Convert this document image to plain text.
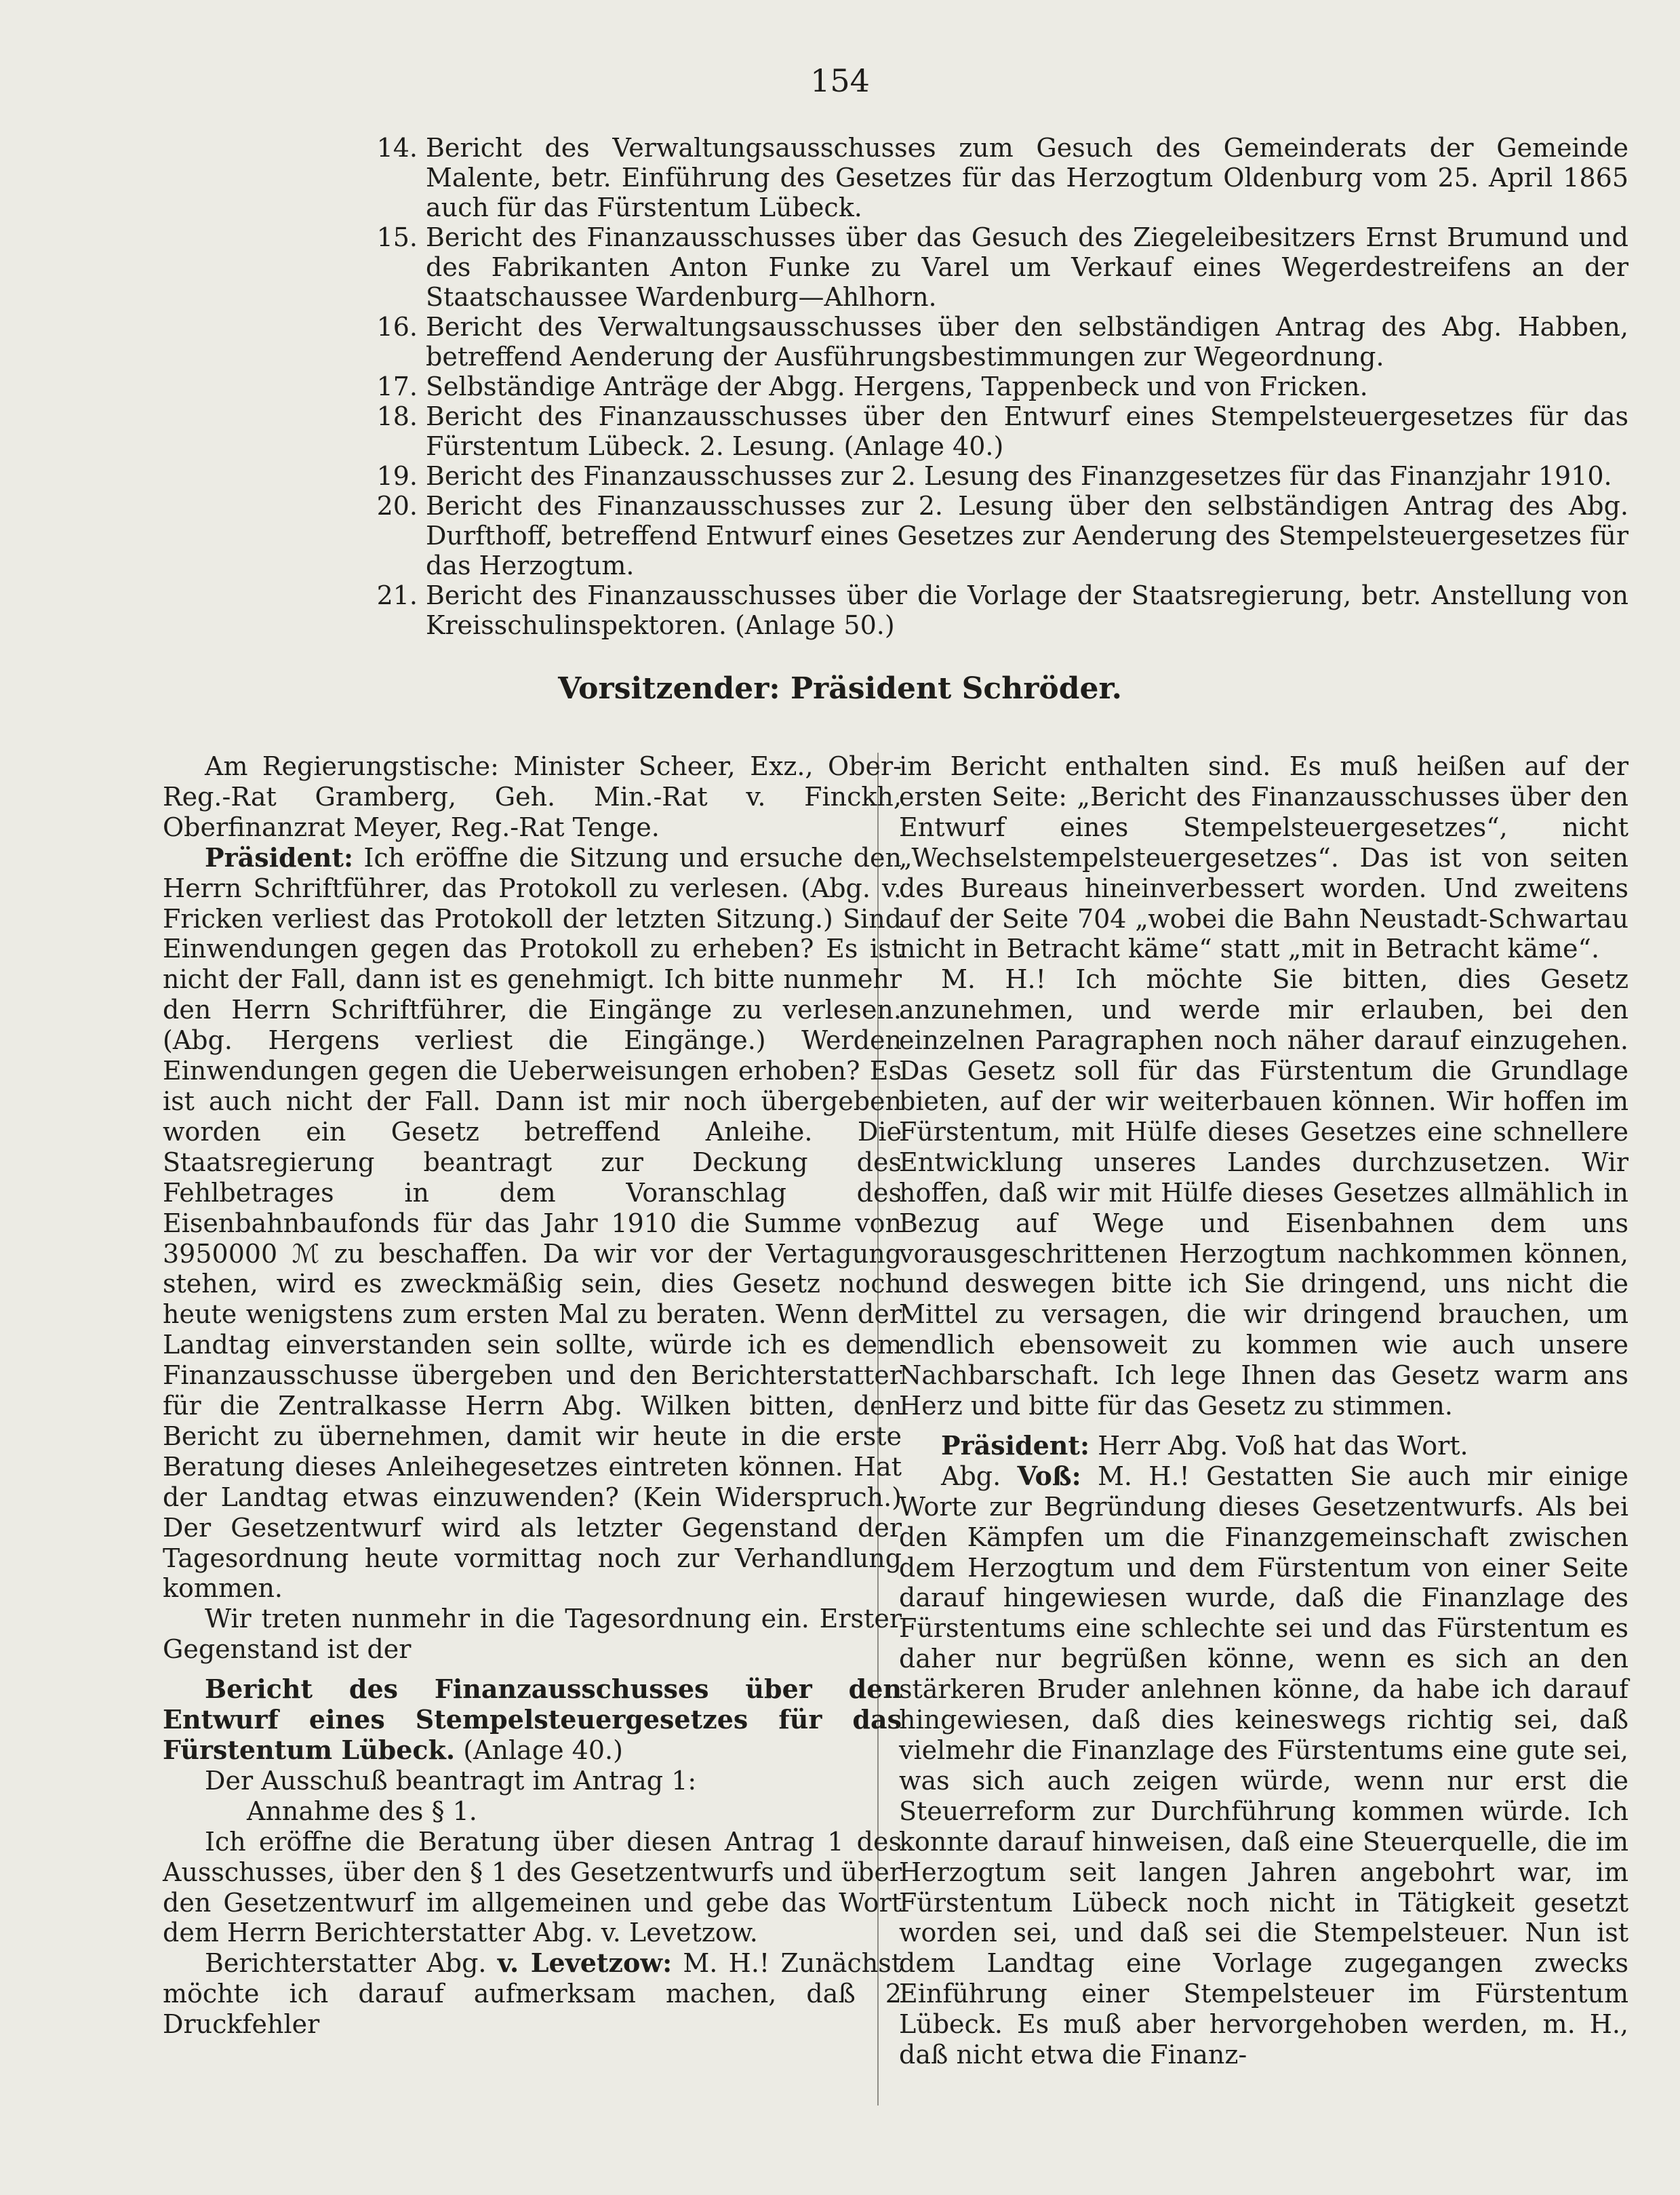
154
14. Bericht des Verwaltungsausschusses zum Gesuch des Gemeinderats der Gemeinde Malente, betr. Einführung des Gesetzes für das Herzogtum Oldenburg vom 25. April 1865 auch für das Fürstentum Lübeck.
15. Bericht des Finanzausschusses über das Gesuch des Ziegeleibesitzers Ernst Brumund und des Fabrikanten Anton Funke zu Varel um Verkauf eines Wegerdestreifens an der Staatschaussee Wardenburg—Ahlhorn.
16. Bericht des Verwaltungsausschusses über den selbständigen Antrag des Abg. Habben, betreffend Aenderung der Ausführungsbestimmungen zur Wegeordnung.
17. Selbständige Anträge der Abgg. Hergens, Tappenbeck und von Fricken.
18. Bericht des Finanzausschusses über den Entwurf eines Stempelsteuergesetzes für das Fürstentum Lübeck. 2. Lesung. (Anlage 40.)
19. Bericht des Finanzausschusses zur 2. Lesung des Finanzgesetzes für das Finanzjahr 1910.
20. Bericht des Finanzausschusses zur 2. Lesung über den selbständigen Antrag des Abg. Durfthoff, betreffend Entwurf eines Gesetzes zur Aenderung des Stempelsteuergesetzes für das Herzogtum.
21. Bericht des Finanzausschusses über die Vorlage der Staatsregierung, betr. Anstellung von Kreisschulinspektoren. (Anlage 50.)
Vorsitzender: Präsident Schröder.

Am Regierungstische: Minister Scheer, Exz., Ober-Reg.-Rat Gramberg, Geh. Min.-Rat v. Finckh, Oberfinanzrat Meyer, Reg.-Rat Tenge.

Präsident: Ich eröffne die Sitzung und ersuche den Herrn Schriftführer, das Protokoll zu verlesen. (Abg. v. Fricken verliest das Protokoll der letzten Sitzung.) Sind Einwendungen gegen das Protokoll zu erheben? Es ist nicht der Fall, dann ist es genehmigt. Ich bitte nunmehr den Herrn Schriftführer, die Eingänge zu verlesen. (Abg. Hergens verliest die Eingänge.) Werden Einwendungen gegen die Ueberweisungen erhoben? Es ist auch nicht der Fall. Dann ist mir noch übergeben worden ein Gesetz betreffend Anleihe. Die Staatsregierung beantragt zur Deckung des Fehlbetrages in dem Voranschlag des Eisenbahnbaufonds für das Jahr 1910 die Summe von 3950000 ℳ zu beschaffen. Da wir vor der Vertagung stehen, wird es zweckmäßig sein, dies Gesetz noch heute wenigstens zum ersten Mal zu beraten. Wenn der Landtag einverstanden sein sollte, würde ich es dem Finanzausschusse übergeben und den Berichterstatter für die Zentralkasse Herrn Abg. Wilken bitten, den Bericht zu übernehmen, damit wir heute in die erste Beratung dieses Anleihegesetzes eintreten können. Hat der Landtag etwas einzuwenden? (Kein Widerspruch.) Der Gesetzentwurf wird als letzter Gegenstand der Tagesordnung heute vormittag noch zur Verhandlung kommen.

Wir treten nunmehr in die Tagesordnung ein. Erster Gegenstand ist der

Bericht des Finanzausschusses über den Entwurf eines Stempelsteuergesetzes für das Fürstentum Lübeck. (Anlage 40.)

Der Ausschuß beantragt im Antrag 1:

Annahme des § 1.

Ich eröffne die Beratung über diesen Antrag 1 des Ausschusses, über den § 1 des Gesetzentwurfs und über den Gesetzentwurf im allgemeinen und gebe das Wort dem Herrn Berichterstatter Abg. v. Levetzow.

Berichterstatter Abg. v. Levetzow: M. H.! Zunächst möchte ich darauf aufmerksam machen, daß 2 Druckfehler

im Bericht enthalten sind. Es muß heißen auf der ersten Seite: „Bericht des Finanzausschusses über den Entwurf eines Stempelsteuergesetzes“, nicht „Wechselstempelsteuergesetzes“. Das ist von seiten des Bureaus hineinverbessert worden. Und zweitens auf der Seite 704 „wobei die Bahn Neustadt-Schwartau nicht in Betracht käme“ statt „mit in Betracht käme“.

M. H.! Ich möchte Sie bitten, dies Gesetz anzunehmen, und werde mir erlauben, bei den einzelnen Paragraphen noch näher darauf einzugehen. Das Gesetz soll für das Fürstentum die Grundlage bieten, auf der wir weiterbauen können. Wir hoffen im Fürstentum, mit Hülfe dieses Gesetzes eine schnellere Entwicklung unseres Landes durchzusetzen. Wir hoffen, daß wir mit Hülfe dieses Gesetzes allmählich in Bezug auf Wege und Eisenbahnen dem uns vorausgeschrittenen Herzogtum nachkommen können, und deswegen bitte ich Sie dringend, uns nicht die Mittel zu versagen, die wir dringend brauchen, um endlich ebensoweit zu kommen wie auch unsere Nachbarschaft. Ich lege Ihnen das Gesetz warm ans Herz und bitte für das Gesetz zu stimmen.

Präsident: Herr Abg. Voß hat das Wort.

Abg. Voß: M. H.! Gestatten Sie auch mir einige Worte zur Begründung dieses Gesetzentwurfs. Als bei den Kämpfen um die Finanzgemeinschaft zwischen dem Herzogtum und dem Fürstentum von einer Seite darauf hingewiesen wurde, daß die Finanzlage des Fürstentums eine schlechte sei und das Fürstentum es daher nur begrüßen könne, wenn es sich an den stärkeren Bruder anlehnen könne, da habe ich darauf hingewiesen, daß dies keineswegs richtig sei, daß vielmehr die Finanzlage des Fürstentums eine gute sei, was sich auch zeigen würde, wenn nur erst die Steuerreform zur Durchführung kommen würde. Ich konnte darauf hinweisen, daß eine Steuerquelle, die im Herzogtum seit langen Jahren angebohrt war, im Fürstentum Lübeck noch nicht in Tätigkeit gesetzt worden sei, und daß sei die Stempelsteuer. Nun ist dem Landtag eine Vorlage zugegangen zwecks Einführung einer Stempelsteuer im Fürstentum Lübeck. Es muß aber hervorgehoben werden, m. H., daß nicht etwa die Finanz-
